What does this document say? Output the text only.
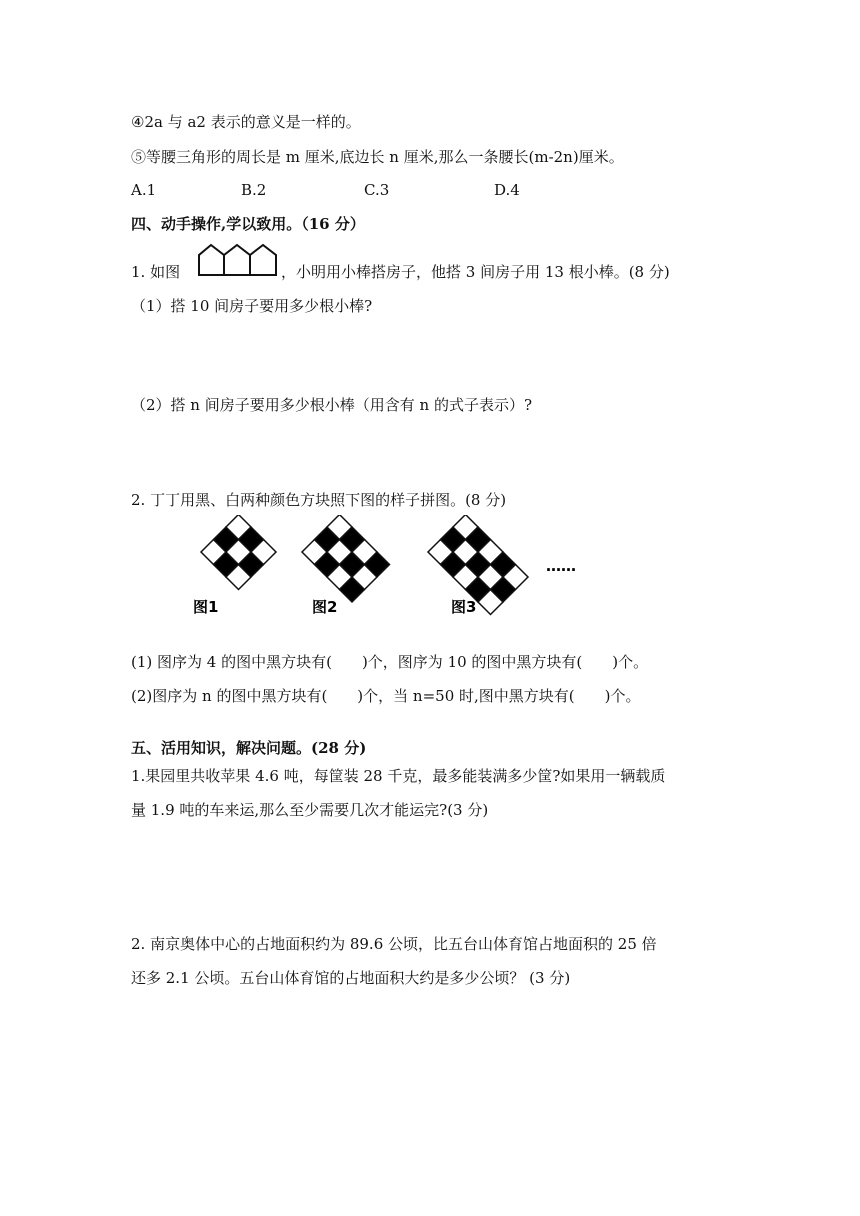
④2a 与 a2 表示的意义是一样的。
⑤等腰三角形的周长是 m 厘米,底边长 n 厘米,那么一条腰长(m-2n)厘米。
A.1	B.2	C.3	D.4
四、动手操作,学以致用。（16 分）
1. 如图	，小明用小棒搭房子，他搭 3 间房子用 13 根小棒。(8 分)
（1）搭 10 间房子要用多少根小棒?
（2）搭 n 间房子要用多少根小棒（用含有 n 的式子表示）?
2. 丁丁用黑、白两种颜色方块照下图的样子拼图。(8 分)
图1	图2	图3
……
(1) 图序为 4 的图中黑方块有(　　)个，图序为 10 的图中黑方块有(　　)个。
(2)图序为 n 的图中黑方块有(　　)个，当 n=50 时,图中黑方块有(　　)个。
五、活用知识，解决问题。(28 分)
1.果园里共收苹果 4.6 吨，每筐装 28 千克，最多能装满多少筐?如果用一辆载质
量 1.9 吨的车来运,那么至少需要几次才能运完?(3 分)
2. 南京奥体中心的占地面积约为 89.6 公顷，比五台山体育馆占地面积的 25 倍
还多 2.1 公顷。五台山体育馆的占地面积大约是多少公顷？ (3 分)
